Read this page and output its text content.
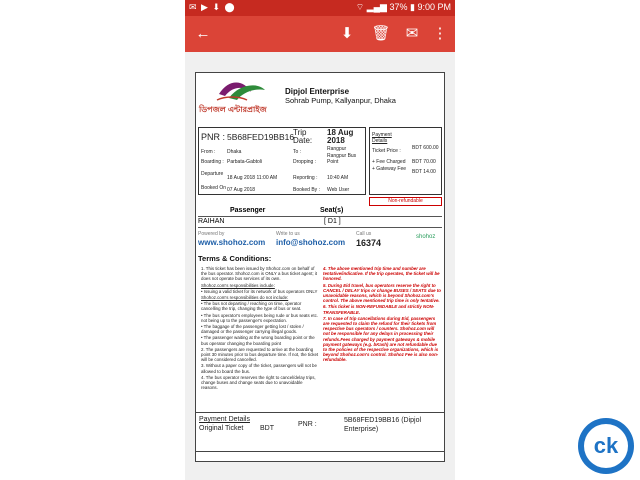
✉ ▶ ⬇ ⬤	⌔ ▂▄▆ 37% ▮ 9:00 PM
←	⬇	🗑	✉ ⋮
ডিপজল এন্টারপ্রাইজ
Dipjol Enterprise
Sohrab Pump, Kallyanpur, Dhaka
PNR : 5B68FED19BB16
Trip Date:
18 Aug 2018
From : Dhaka	To :	Rangpur
Boarding : Parbata-Gabtoli	Dropping :
Rangpur Bus Point
Departure
18 Aug 2018 11:00 AM	Reporting : 10:40 AM
Booked On 07 Aug 2018	Booked By : Web User
Payment Details
Ticket Price : BDT 600.00
+ Fee Charged BDT 70.00
+ Gateway Fee BDT 14.00
Non-refundable
Passenger	Seat(s)
RAIHAN	[ D1 ]
Powered by	Write to us	Call us
www.shohoz.com info@shohoz.com 16374
shohoz
Terms & Conditions:

1. This ticket has been issued by Shohoz.com on behalf of the bus operator. Shohoz.com is ONLY a bus ticket agent; it does not operate bus services of its own.

Shohoz.com's responsibilities include:

• Issuing a valid ticket for its network of bus operators ONLY

Shohoz.com's responsibilities do not include:

• The bus not departing / reaching on time, operator cancelling the trip, changing the type of bus or seat.

• The bus operator's employees being rude or bus seats etc. not being up to the passenger's expectation.

• The baggage of the passenger getting lost / stolen / damaged or the passenger carrying illegal goods.

• The passenger waiting at the wrong boarding point or the bus operator changing the boarding point

2. The passengers are requested to arrive at the boarding point 30 minutes prior to bus departure time. If not, the ticket will be considered cancelled.

3. Without a paper copy of the ticket, passengers will not be allowed to board the bus.

4. The bus operator reserves the right to cancel/delay trips, change buses and change seats due to unavoidable reasons.

4. The above mentioned trip time and number are tentative/indicative. If the trip operates, the ticket will be honored.

5. During Eid travel, bus operators reserve the right to CANCEL / DELAY trips or change BUSES / SEATS due to unavoidable reasons, which is beyond Shohoz.com's control. The above mentioned trip time is only tentative.

6. This ticket is NON-REFUNDABLE and strictly NON-TRANSFERABLE.

7. In case of trip cancellations during Eid, passengers are requested to claim the refund for their tickets from respective bus operators / counters. Shohoz.com will not be responsible for any delays in processing their refunds.Fees charged by payment gateways & mobile payment gateways (e.g. bKash) are not refundable due to the policies of the respective organizations, which is beyond Shohoz.com's control. Shohoz Fee is also non-refundable.

Payment Details
Original Ticket BDT
PNR :
5B68FED19BB16 (Dipjol Enterprise)
ck
